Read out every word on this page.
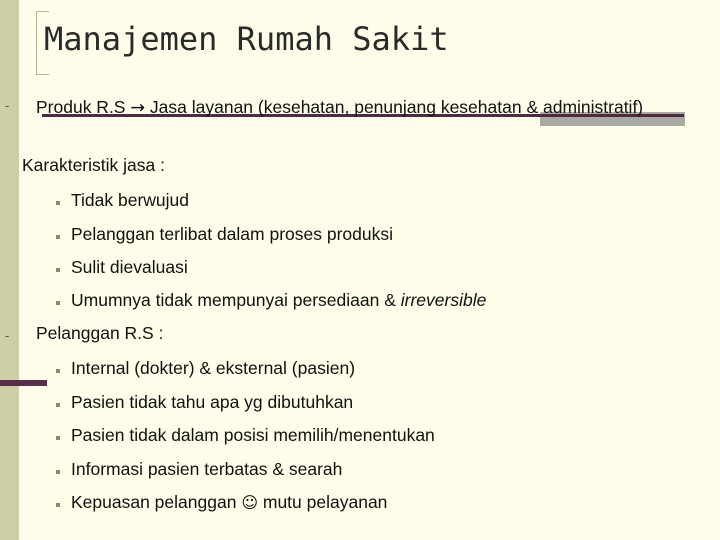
Manajemen Rumah Sakit
- Produk R.S → Jasa layanan (kesehatan, penunjang kesehatan & administratif)
Karakteristik jasa :
Tidak berwujud
Pelanggan terlibat dalam proses produksi
Sulit dievaluasi
Umumnya tidak mempunyai persediaan & irreversible
- Pelanggan R.S :
Internal (dokter) & eksternal (pasien)
Pasien tidak tahu apa yg dibutuhkan
Pasien tidak dalam posisi memilih/menentukan
Informasi pasien terbatas & searah
Kepuasan pelanggan ☺ mutu pelayanan
